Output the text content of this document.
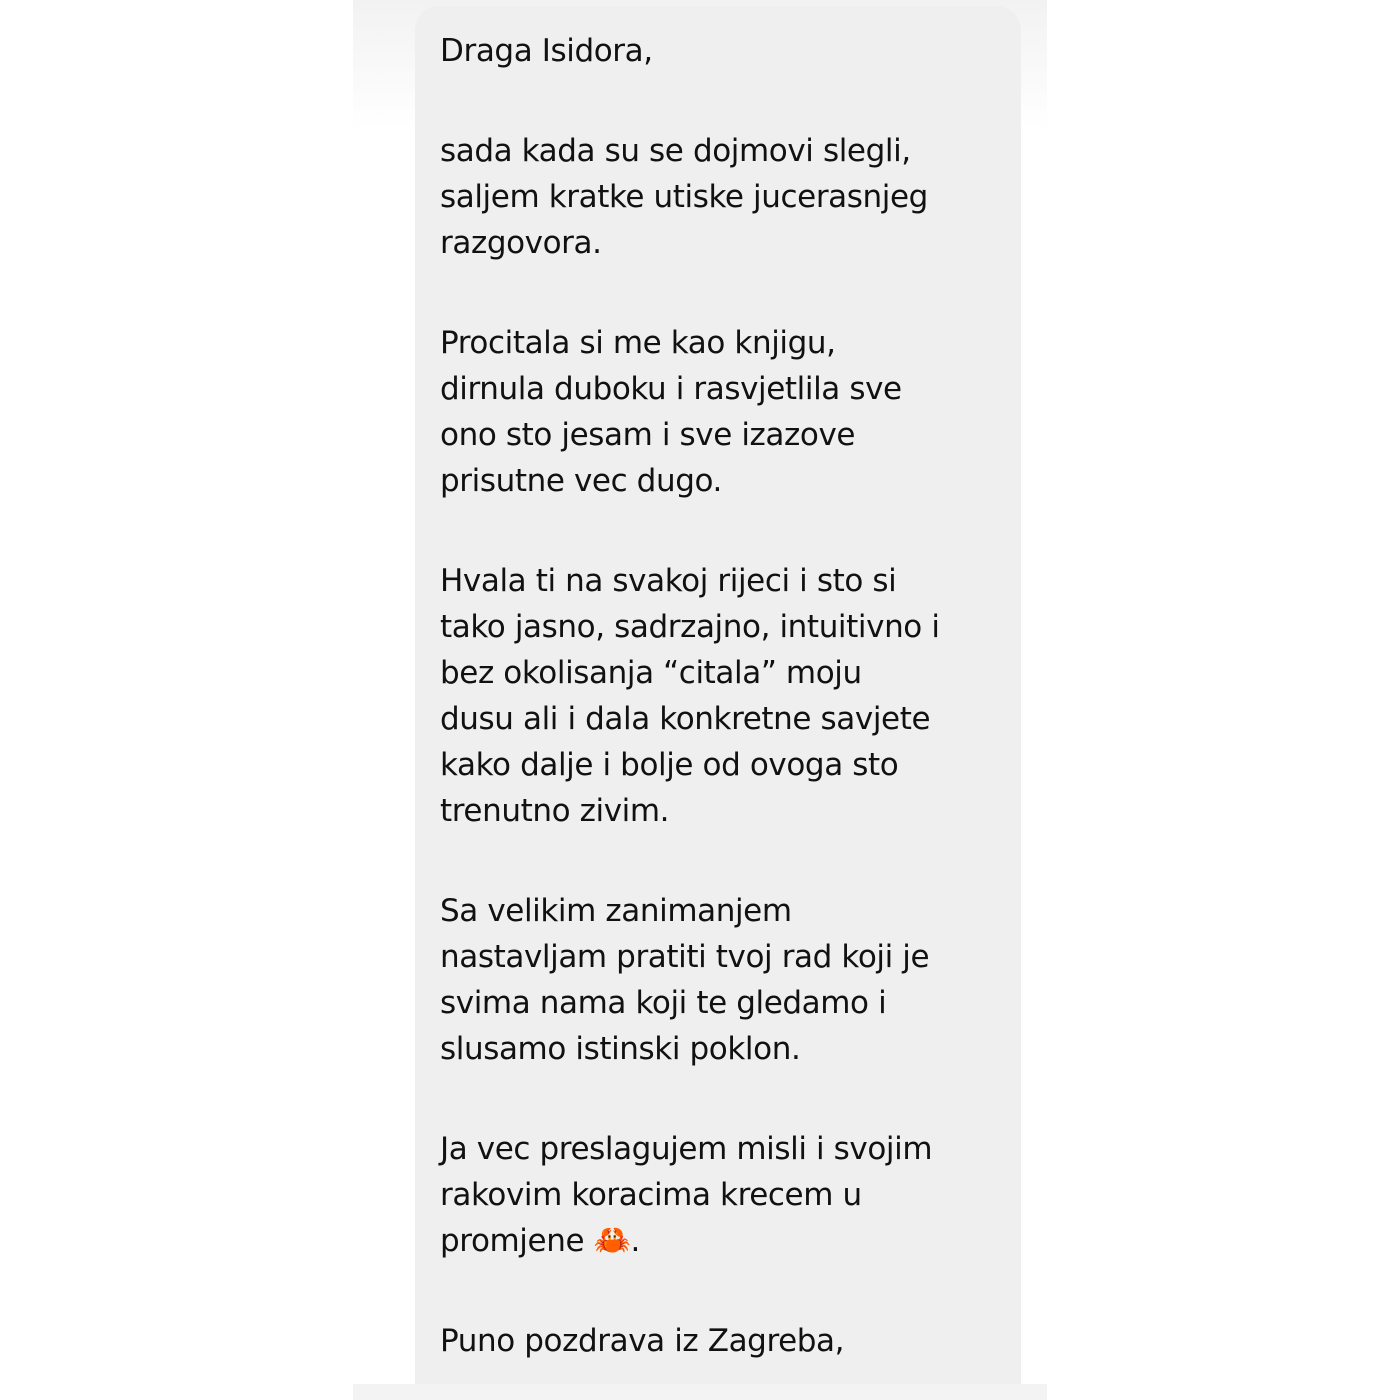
Draga Isidora,
sada kada su se dojmovi slegli,
saljem kratke utiske jucerasnjeg
razgovora.
Procitala si me kao knjigu,
dirnula duboku i rasvjetlila sve
ono sto jesam i sve izazove
prisutne vec dugo.
Hvala ti na svakoj rijeci i sto si
tako jasno, sadrzajno, intuitivno i
bez okolisanja “citala” moju
dusu ali i dala konkretne savjete
kako dalje i bolje od ovoga sto
trenutno zivim.
Sa velikim zanimanjem
nastavljam pratiti tvoj rad koji je
svima nama koji te gledamo i
slusamo istinski poklon.
Ja vec preslagujem misli i svojim
rakovim koracima krecem u
promjene 🦀.
Puno pozdrava iz Zagreba,
